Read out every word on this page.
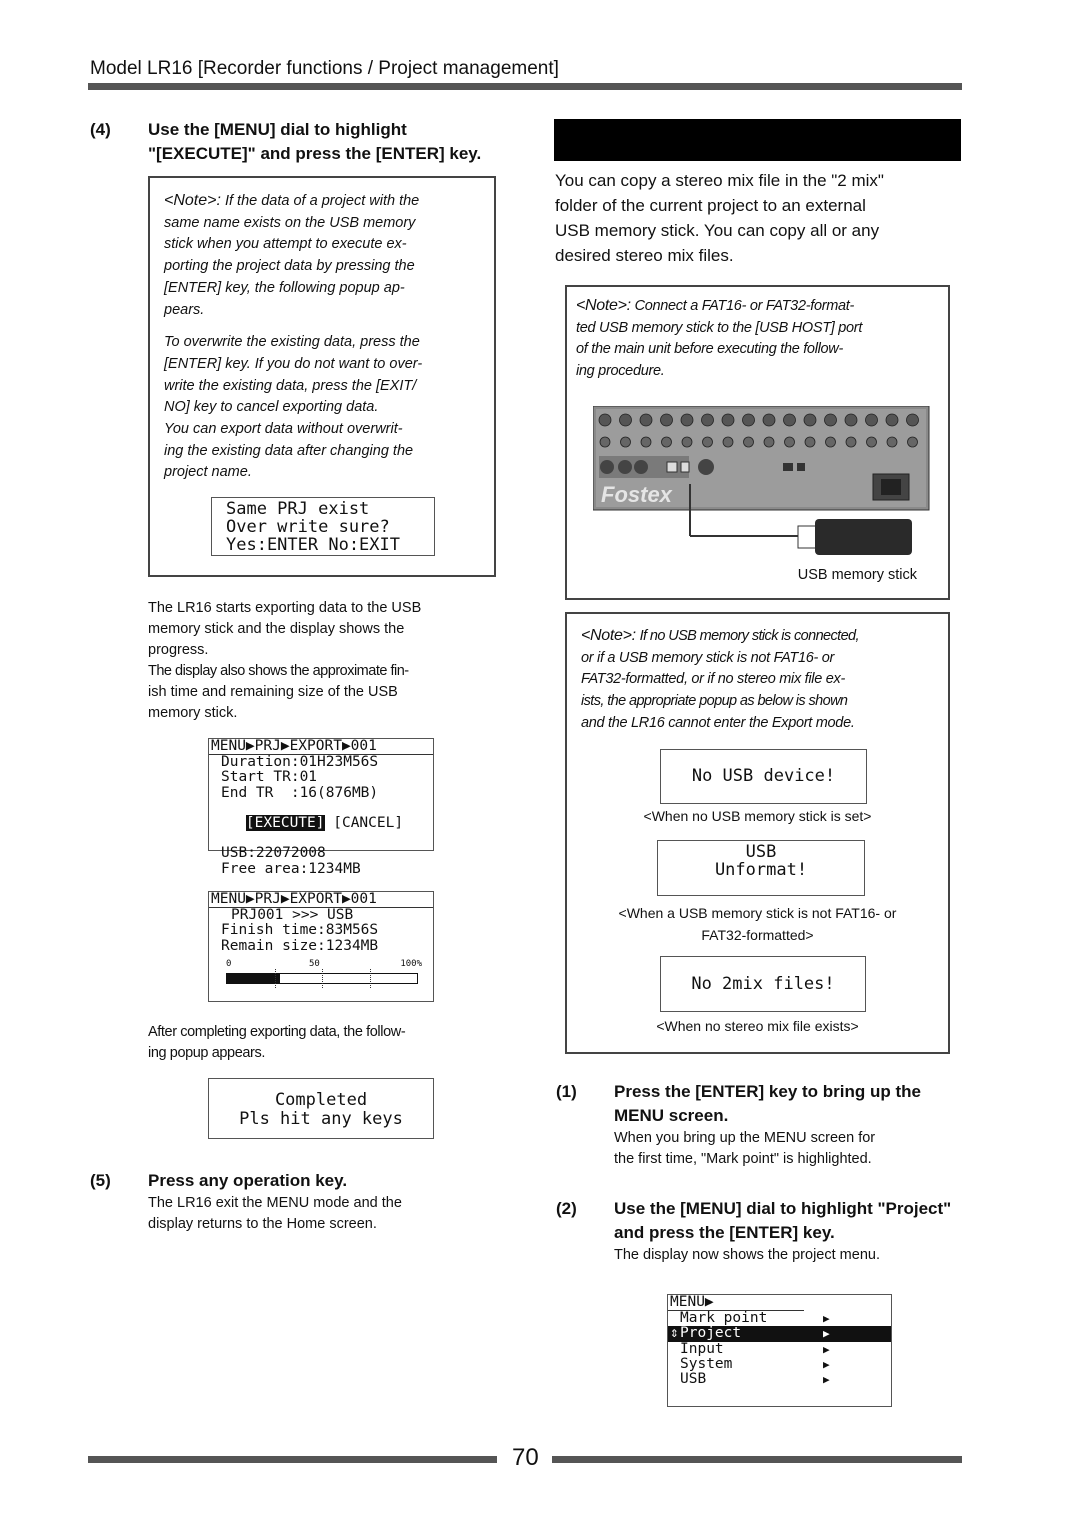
Model LR16 [Recorder functions / Project management]
(4) Use the [MENU] dial to highlight
"[EXECUTE]" and press the [ENTER] key.
<Note>: If the data of a project with the
same name exists on the USB memory
stick when you attempt to execute ex-
porting the project data by pressing the
[ENTER] key, the following popup ap-
pears.
To overwrite the existing data, press the
[ENTER] key. If you do not want to over-
write the existing data, press the [EXIT/
NO] key to cancel exporting data.
You can export data without overwrit-
ing the existing data after changing the
project name.
Same PRJ exist
Over write sure?
Yes:ENTER No:EXIT
The LR16 starts exporting data to the USB
memory stick and the display shows the
progress.
The display also shows the approximate fin-
ish time and remaining size of the USB
memory stick.
MENU▶PRJ▶EXPORT▶001
Duration:01H23M56S
Start TR:01
End TR  :16(876MB)

[EXECUTE] [CANCEL]

USB:22072008
Free area:1234MB
MENU▶PRJ▶EXPORT▶001
PRJ001 >>> USB
Finish time:83M56S
Remain size:1234MB
0	50	100%
After completing exporting data, the follow-
ing popup appears.
Completed
Pls hit any keys
(5) Press any operation key.
The LR16 exit the MENU mode and the
display returns to the Home screen.
You can copy a stereo mix file in the "2 mix"
folder of the current project to an external
USB memory stick. You can copy all or any
desired stereo mix files.
<Note>: Connect a FAT16- or FAT32-format-
ted USB memory stick to the [USB HOST] port
of the main unit before executing the follow-
ing procedure.
Fostex
USB memory stick
<Note>: If no USB memory stick is connected,
or if a USB memory stick is not FAT16- or
FAT32-formatted, or if no stereo mix file ex-
ists, the appropriate popup as below is shown
and the LR16 cannot enter the Export mode.
No USB device!
<When no USB memory stick is set>
USB
Unformat!
<When a USB memory stick is not FAT16- or
FAT32-formatted>
No 2mix files!
<When no stereo mix file exists>
(1) Press the [ENTER] key to bring up the
MENU screen.
When you bring up the MENU screen for
the first time, "Mark point" is highlighted.
(2) Use the [MENU] dial to highlight "Project"
and press the [ENTER] key.
The display now shows the project menu.
MENU▶

Mark point	▶
⇕ Project	▶

Input	▶

System	▶

USB	▶
70
